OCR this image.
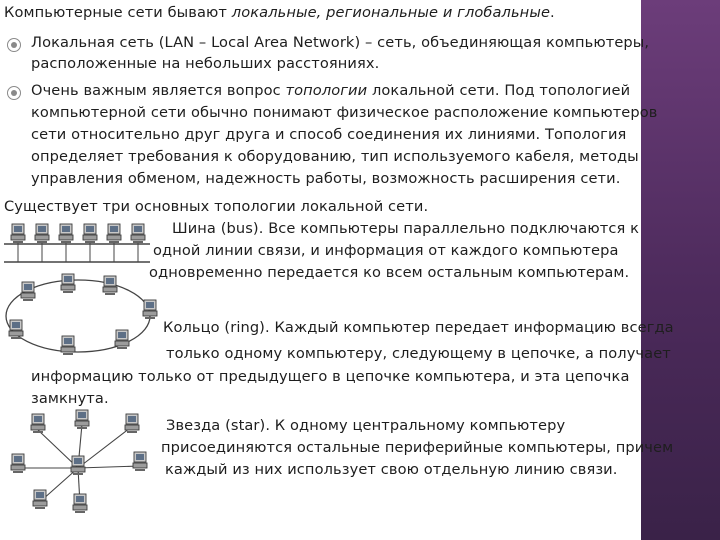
Компьютерные сети бывают локальные, региональные и глобальные.
Локальная сеть (LAN – Local Area Network) – сеть, объединяющая компьютеры,
расположенные на небольших расстояниях.
Очень важным является вопрос топологии локальной сети. Под топологией
компьютерной сети обычно понимают физическое расположение компьютеров
сети относительно друг друга и способ соединения их линиями. Топология
определяет требования к оборудованию, тип используемого кабеля, методы
управления обменом, надежность работы, возможность расширения сети.
Существует три основных топологии локальной сети.
Шина (bus). Все компьютеры параллельно подключаются к
одной линии связи, и информация от каждого компьютера
одновременно передается ко всем остальным компьютерам.
Кольцо (ring). Каждый компьютер передает информацию всегда
только одному компьютеру, следующему в цепочке, а получает
информацию только от предыдущего в цепочке компьютера, и эта цепочка
замкнута.
Звезда (star). К одному центральному компьютеру
присоединяются остальные периферийные компьютеры, причем
каждый из них использует свою отдельную линию связи.
